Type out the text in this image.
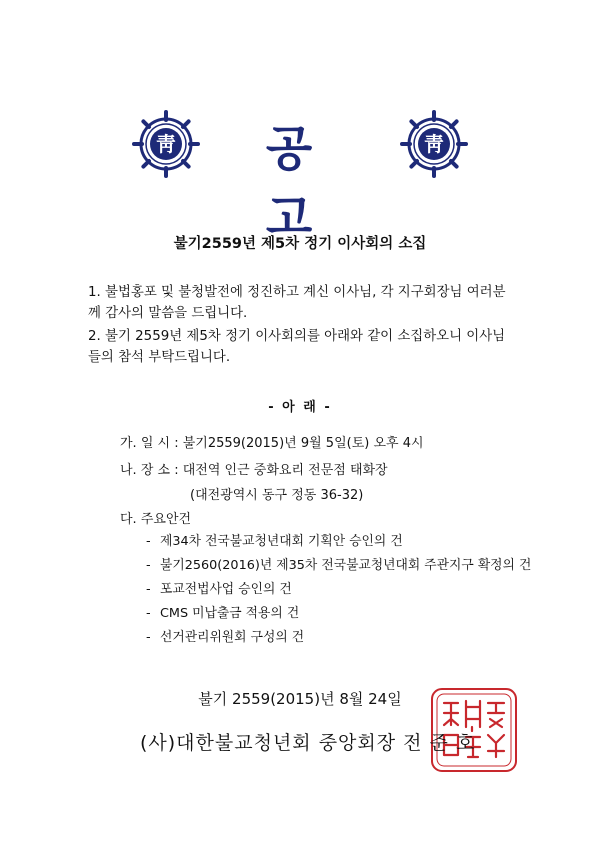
靑	공 고
靑
불기2559년 제5차 정기 이사회의 소집
1. 불법홍포 및 불청발전에 정진하고 계신 이사님, 각 지구회장님 여러분
께 감사의 말씀을 드립니다.
2. 불기 2559년 제5차 정기 이사회의를 아래와 같이 소집하오니 이사님
들의 참석 부탁드립니다.
- 아 래 -
가. 일 시 : 불기2559(2015)년 9월 5일(토) 오후 4시
나. 장 소 : 대전역 인근 중화요리 전문점 태화장
(대전광역시 동구 정동 36-32)
다. 주요안건
- 제34차 전국불교청년대회 기획안 승인의 건
- 불기2560(2016)년 제35차 전국불교청년대회 주관지구 확정의 건
- 포교전법사업 승인의 건
- CMS 미납출금 적용의 건
- 선거관리위원회 구성의 건
불기 2559(2015)년 8월 24일
(사)대한불교청년회 중앙회장 전 준 호
